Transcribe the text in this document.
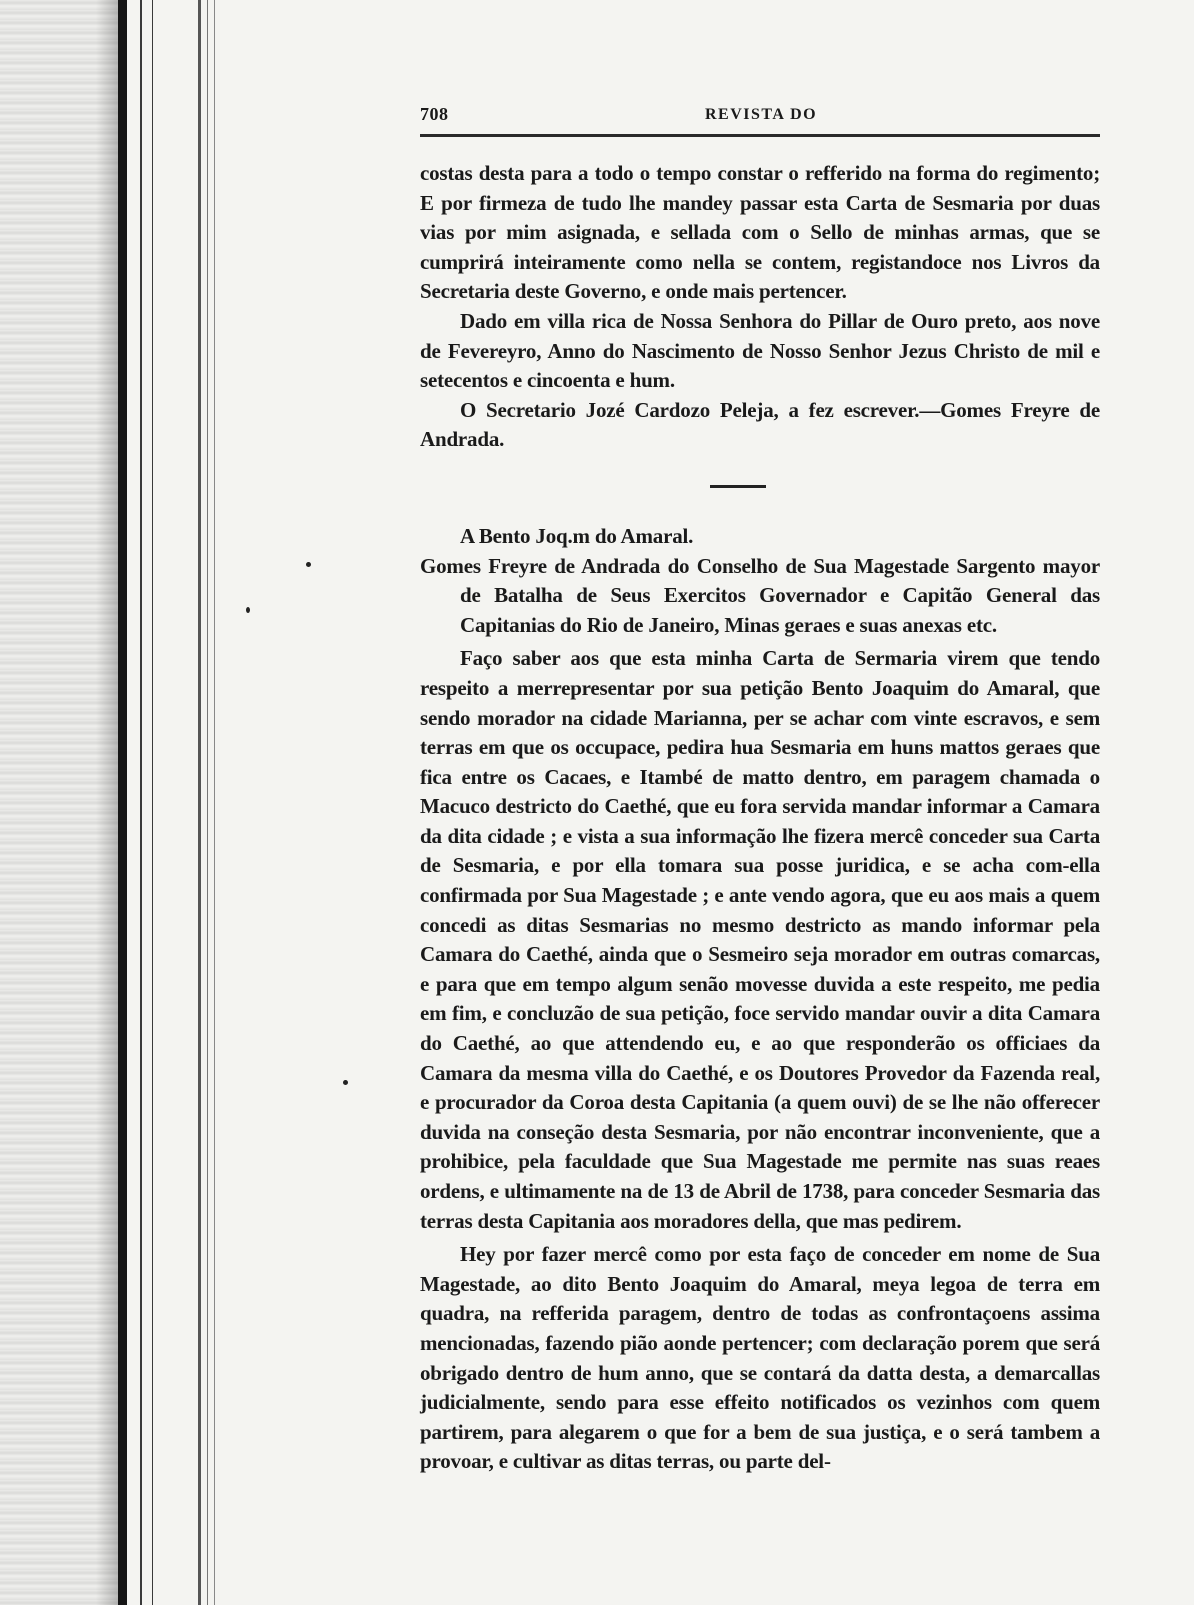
708	REVISTA DO

costas desta para a todo o tempo constar o refferido na forma do regimento; E por firmeza de tudo lhe mandey passar esta Carta de Sesmaria por duas vias por mim asignada, e sellada com o Sello de minhas armas, que se cumprirá inteiramente como nella se contem, registandoce nos Livros da Secretaria deste Governo, e onde mais pertencer.

Dado em villa rica de Nossa Senhora do Pillar de Ouro preto, aos nove de Fevereyro, Anno do Nascimento de Nosso Senhor Jezus Christo de mil e setecentos e cincoenta e hum.

O Secretario Jozé Cardozo Peleja, a fez escrever.—Gomes Freyre de Andrada.

A Bento Joq.m do Amaral.

Gomes Freyre de Andrada do Conselho de Sua Magestade Sargento mayor de Batalha de Seus Exercitos Governador e Capitão General das Capitanias do Rio de Janeiro, Minas geraes e suas anexas etc.

Faço saber aos que esta minha Carta de Sermaria virem que tendo respeito a merrepresentar por sua petição Bento Joaquim do Amaral, que sendo morador na cidade Marianna, per se achar com vinte escravos, e sem terras em que os occupace, pedira hua Sesmaria em huns mattos geraes que fica entre os Cacaes, e Itambé de matto dentro, em paragem chamada o Macuco destricto do Caethé, que eu fora servida mandar informar a Camara da dita cidade ; e vista a sua informação lhe fizera mercê conceder sua Carta de Sesmaria, e por ella tomara sua posse juridica, e se acha com-ella confirmada por Sua Magestade ; e ante vendo agora, que eu aos mais a quem concedi as ditas Sesmarias no mesmo destricto as mando informar pela Camara do Caethé, ainda que o Sesmeiro seja morador em outras comarcas, e para que em tempo algum senão movesse duvida a este respeito, me pedia em fim, e concluzão de sua petição, foce servido mandar ouvir a dita Camara do Caethé, ao que attendendo eu, e ao que responderão os officiaes da Camara da mesma villa do Caethé, e os Doutores Provedor da Fazenda real, e procurador da Coroa desta Capitania (a quem ouvi) de se lhe não offerecer duvida na conseção desta Sesmaria, por não encontrar inconveniente, que a prohibice, pela faculdade que Sua Magestade me permite nas suas reaes ordens, e ultimamente na de 13 de Abril de 1738, para conceder Sesmaria das terras desta Capitania aos moradores della, que mas pedirem.

Hey por fazer mercê como por esta faço de conceder em nome de Sua Magestade, ao dito Bento Joaquim do Amaral, meya legoa de terra em quadra, na refferida paragem, dentro de todas as confrontaçoens assima mencionadas, fazendo pião aonde pertencer; com declaração porem que será obrigado dentro de hum anno, que se contará da datta desta, a demarcallas judicialmente, sendo para esse effeito notificados os vezinhos com quem partirem, para alegarem o que for a bem de sua justiça, e o será tambem a provoar, e cultivar as ditas terras, ou parte del-
